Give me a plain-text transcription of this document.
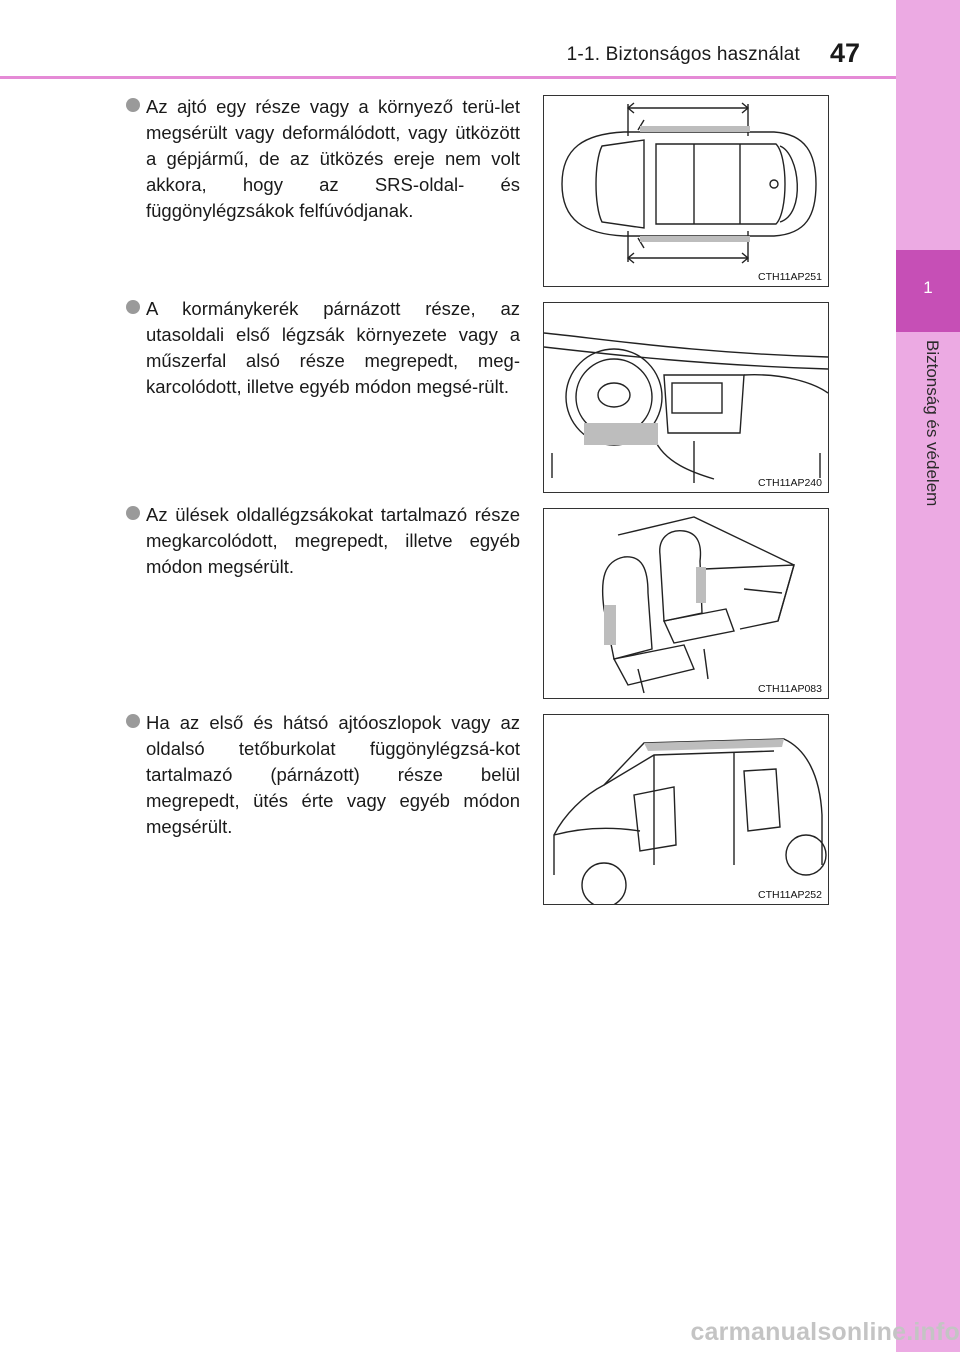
1-1. Biztonságos használat 47
1
Biztonság és védelem
Az ajtó egy része vagy a környező terü-let megsérült vagy deformálódott, vagy ütközött a gépjármű, de az ütközés ereje nem volt akkora, hogy az SRS-oldal- és függönylégzsákok felfúvódjanak.
CTH11AP251
A kormánykerék párnázott része, az utasoldali első légzsák környezete vagy a műszerfal alsó része megrepedt, meg-karcolódott, illetve egyéb módon megsé-rült.
CTH11AP240
Az ülések oldallégzsákokat tartalmazó része megkarcolódott, megrepedt, illetve egyéb módon megsérült.
CTH11AP083
Ha az első és hátsó ajtóoszlopok vagy az oldalsó tetőburkolat függönylégzsá-kot tartalmazó (párnázott) része belül megrepedt, ütés érte vagy egyéb módon megsérült.
CTH11AP252
carmanualsonline.info
